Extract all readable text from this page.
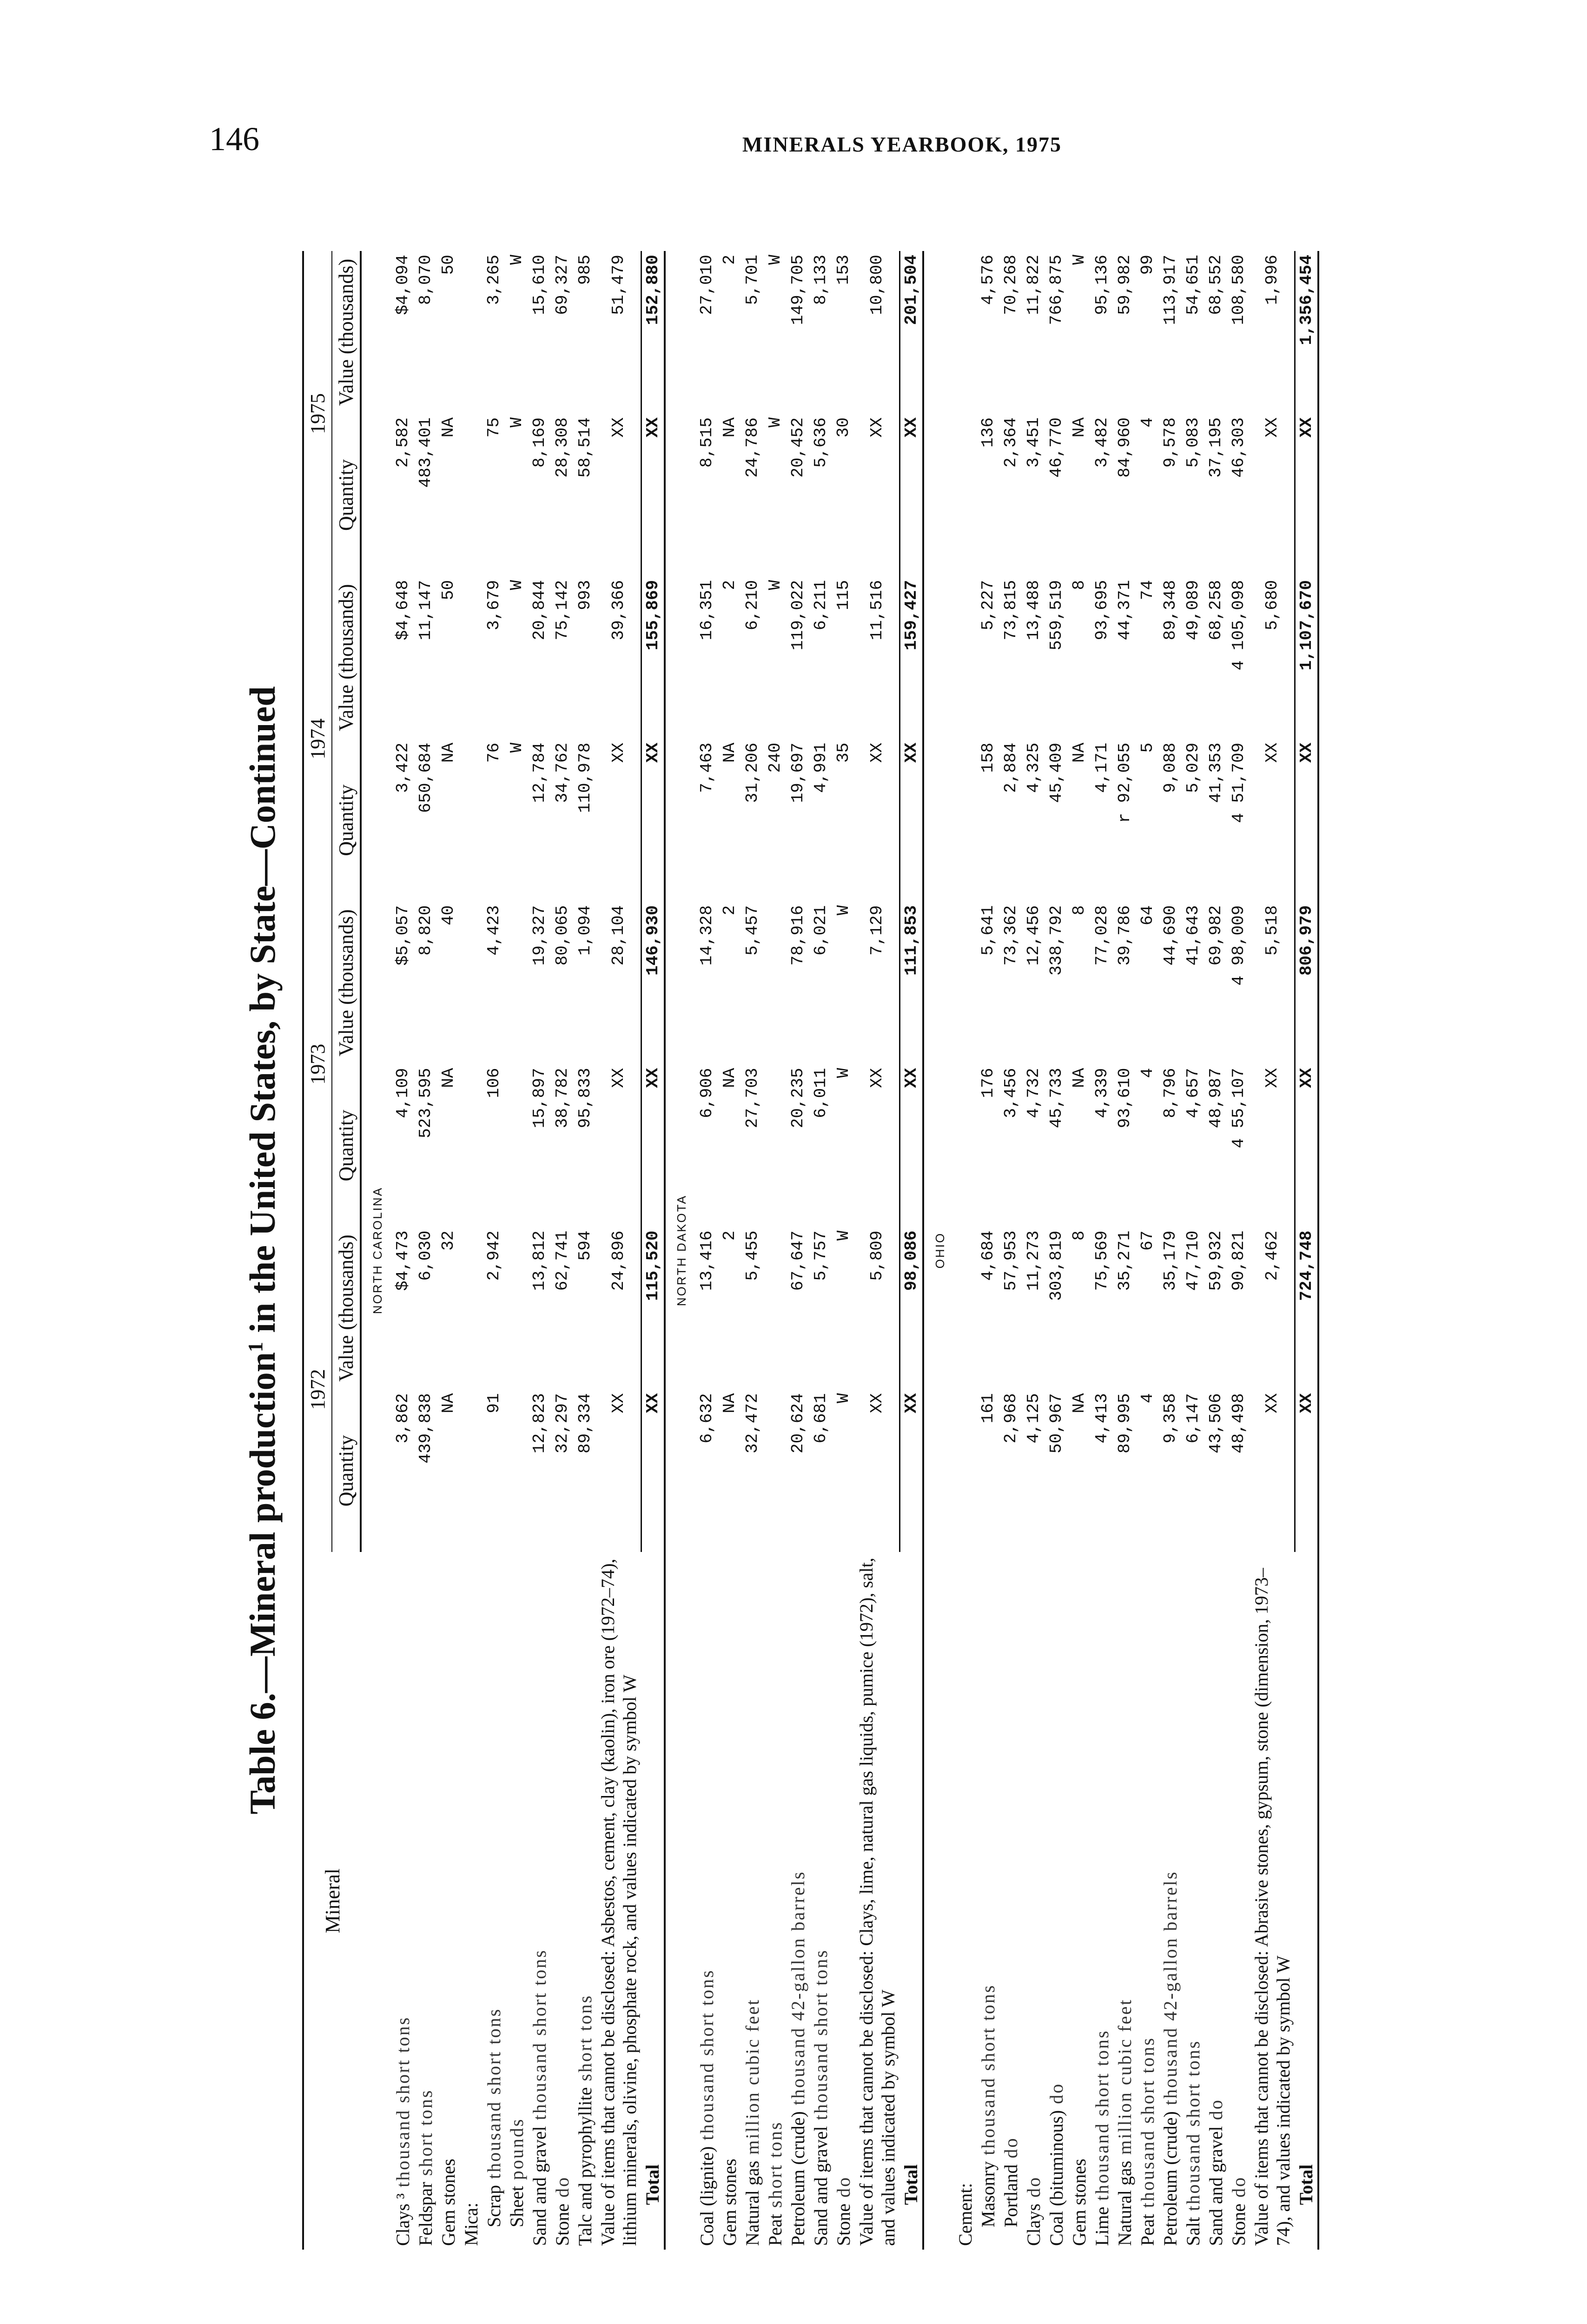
146	MINERALS YEARBOOK, 1975
Table 6.—Mineral production$^1$ in the United States, by State—Continued
Mineral	1972		1973		1974		1975	
	Quantity	Value (thousands)	Quantity	Value (thousands)	Quantity	Value (thousands)	Quantity	Value (thousands)
NORTH CAROLINA								
Clays ³ thousand short tons	3,862	$4,473	4,109	$5,057	3,422	$4,648	2,582	$4,094
Feldspar short tons	439,838	6,030	523,595	8,820	650,684	11,147	483,401	8,070
Gem stones	NA	32	NA	40	NA	50	NA	50
Mica:								
Scrap thousand short tons	91	2,942	106	4,423	76	3,679	75	3,265
Sheet pounds					W	W	W	W
Sand and gravel thousand short tons	12,823	13,812	15,897	19,327	12,784	20,844	8,169	15,610
Stone do	32,297	62,741	38,782	80,065	34,762	75,142	28,308	69,327
Talc and pyrophyllite short tons	89,334	594	95,833	1,094	110,978	993	58,514	985
Value of items that cannot be disclosed: Asbestos, cement, clay (kaolin), iron ore (1972–74), lithium minerals, olivine, phosphate rock, and values indicated by symbol W	XX	24,896	XX	28,104	XX	39,366	XX	51,479
Total	XX	115,520	XX	146,930	XX	155,869	XX	152,880
NORTH DAKOTA								
Coal (lignite) thousand short tons	6,632	13,416	6,906	14,328	7,463	16,351	8,515	27,010
Gem stones	NA	2	NA	2	NA	2	NA	2
Natural gas million cubic feet	32,472	5,455	27,703	5,457	31,206	6,210	24,786	5,701
Peat short tons					240	W	W	W
Petroleum (crude) thousand 42-gallon barrels	20,624	67,647	20,235	78,916	19,697	119,022	20,452	149,705
Sand and gravel thousand short tons	6,681	5,757	6,011	6,021	4,991	6,211	5,636	8,133
Stone do	W	W	W	W	35	115	30	153
Value of items that cannot be disclosed: Clays, lime, natural gas liquids, pumice (1972), salt, and values indicated by symbol W	XX	5,809	XX	7,129	XX	11,516	XX	10,800
Total	XX	98,086	XX	111,853	XX	159,427	XX	201,504
OHIO								
Cement:								
Masonry thousand short tons	161	4,684	176	5,641	158	5,227	136	4,576
Portland do	2,968	57,953	3,456	73,362	2,884	73,815	2,364	70,268
Clays do	4,125	11,273	4,732	12,456	4,325	13,488	3,451	11,822
Coal (bituminous) do	50,967	303,819	45,733	338,792	45,409	559,519	46,770	766,875
Gem stones	NA	8	NA	8	NA	8	NA	W
Lime thousand short tons	4,413	75,569	4,339	77,028	4,171	93,695	3,482	95,136
Natural gas million cubic feet	89,995	35,271	93,610	39,786	r 92,055	44,371	84,960	59,982
Peat thousand short tons	4	67	4	64	5	74	4	99
Petroleum (crude) thousand 42-gallon barrels	9,358	35,179	8,796	44,690	9,088	89,348	9,578	113,917
Salt thousand short tons	6,147	47,710	4,657	41,643	5,029	49,089	5,083	54,651
Sand and gravel do	43,506	59,932	48,987	69,982	41,353	68,258	37,195	68,552
Stone do	48,498	90,821	4 55,107	4 98,009	4 51,709	4 105,098	46,303	108,580
Value of items that cannot be disclosed: Abrasive stones, gypsum, stone (dimension, 1973–74), and values indicated by symbol W	XX	2,462	XX	5,518	XX	5,680	XX	1,996
Total	XX	724,748	XX	806,979	XX	1,107,670	XX	1,356,454
